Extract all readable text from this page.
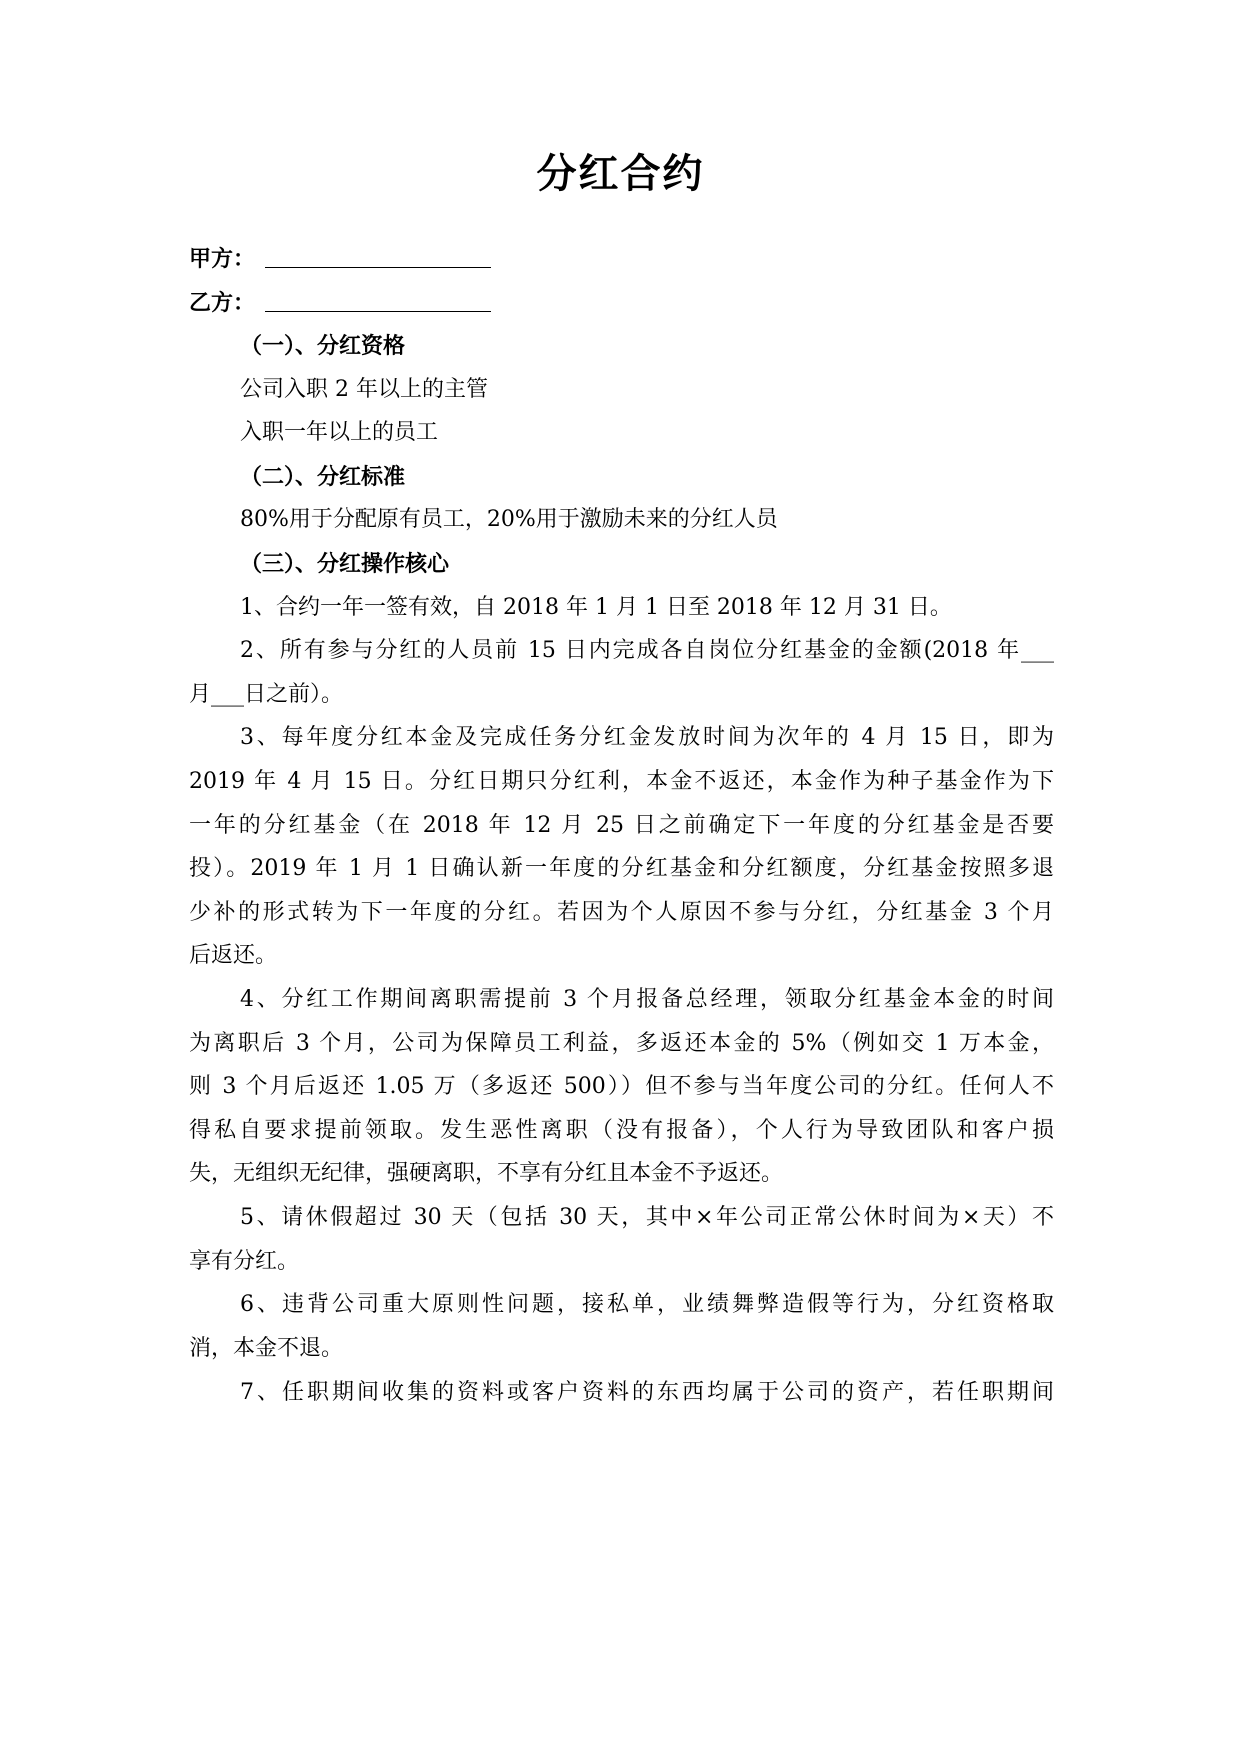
分红合约
甲方：
乙方：
（一）、分红资格
公司入职 2 年以上的主管
入职一年以上的员工
（二）、分红标准
80%用于分配原有员工，20%用于激励未来的分红人员
（三）、分红操作核心
1、合约一年一签有效，自 2018 年 1 月 1 日至 2018 年 12 月 31 日。
2、所有参与分红的人员前 15 日内完成各自岗位分红基金的金额(2018 年___
月___日之前）。
3、每年度分红本金及完成任务分红金发放时间为次年的 4 月 15 日，即为
2019 年 4 月 15 日。分红日期只分红利，本金不返还，本金作为种子基金作为下
一年的分红基金（在 2018 年 12 月 25 日之前确定下一年度的分红基金是否要
投）。2019 年 1 月 1 日确认新一年度的分红基金和分红额度，分红基金按照多退
少补的形式转为下一年度的分红。若因为个人原因不参与分红，分红基金 3 个月
后返还。
4、分红工作期间离职需提前 3 个月报备总经理，领取分红基金本金的时间
为离职后 3 个月，公司为保障员工利益，多返还本金的 5%（例如交 1 万本金，
则 3 个月后返还 1.05 万（多返还 500））但不参与当年度公司的分红。任何人不
得私自要求提前领取。发生恶性离职（没有报备），个人行为导致团队和客户损
失，无组织无纪律，强硬离职，不享有分红且本金不予返还。
5、请休假超过 30 天（包括 30 天，其中×年公司正常公休时间为×天）不
享有分红。
6、违背公司重大原则性问题，接私单，业绩舞弊造假等行为，分红资格取
消，本金不退。
7、任职期间收集的资料或客户资料的东西均属于公司的资产，若任职期间
